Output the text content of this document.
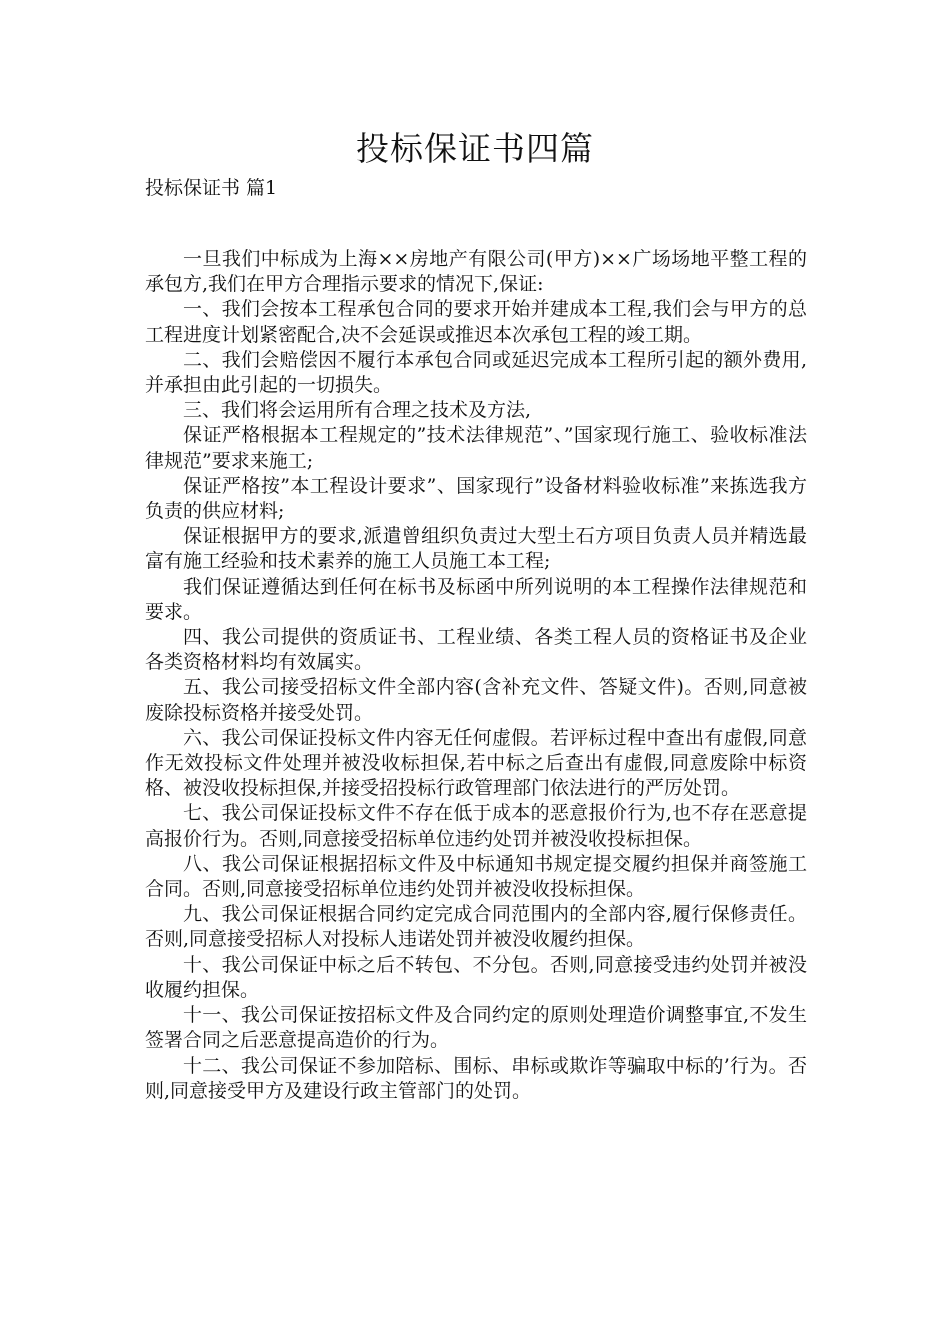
投标保证书四篇
投标保证书 篇1

一旦我们中标成为上海××房地产有限公司(甲方)××广场场地平整工程的承包方,我们在甲方合理指示要求的情况下,保证:

一、我们会按本工程承包合同的要求开始并建成本工程,我们会与甲方的总工程进度计划紧密配合,决不会延误或推迟本次承包工程的竣工期。

二、我们会赔偿因不履行本承包合同或延迟完成本工程所引起的额外费用,并承担由此引起的一切损失。

三、我们将会运用所有合理之技术及方法,

保证严格根据本工程规定的”技术法律规范”、”国家现行施工、验收标准法律规范”要求来施工;

保证严格按”本工程设计要求”、国家现行”设备材料验收标准”来拣选我方负责的供应材料;

保证根据甲方的要求,派遣曾组织负责过大型土石方项目负责人员并精选最富有施工经验和技术素养的施工人员施工本工程;

我们保证遵循达到任何在标书及标函中所列说明的本工程操作法律规范和要求。

四、我公司提供的资质证书、工程业绩、各类工程人员的资格证书及企业各类资格材料均有效属实。

五、我公司接受招标文件全部内容(含补充文件、答疑文件)。否则,同意被废除投标资格并接受处罚。

六、我公司保证投标文件内容无任何虚假。若评标过程中查出有虚假,同意作无效投标文件处理并被没收标担保,若中标之后查出有虚假,同意废除中标资格、被没收投标担保,并接受招投标行政管理部门依法进行的严厉处罚。

七、我公司保证投标文件不存在低于成本的恶意报价行为,也不存在恶意提高报价行为。否则,同意接受招标单位违约处罚并被没收投标担保。

八、我公司保证根据招标文件及中标通知书规定提交履约担保并商签施工合同。否则,同意接受招标单位违约处罚并被没收投标担保。

九、我公司保证根据合同约定完成合同范围内的全部内容,履行保修责任。否则,同意接受招标人对投标人违诺处罚并被没收履约担保。

十、我公司保证中标之后不转包、不分包。否则,同意接受违约处罚并被没收履约担保。

十一、我公司保证按招标文件及合同约定的原则处理造价调整事宜,不发生签署合同之后恶意提高造价的行为。

十二、我公司保证不参加陪标、围标、串标或欺诈等骗取中标的’行为。否则,同意接受甲方及建设行政主管部门的处罚。
